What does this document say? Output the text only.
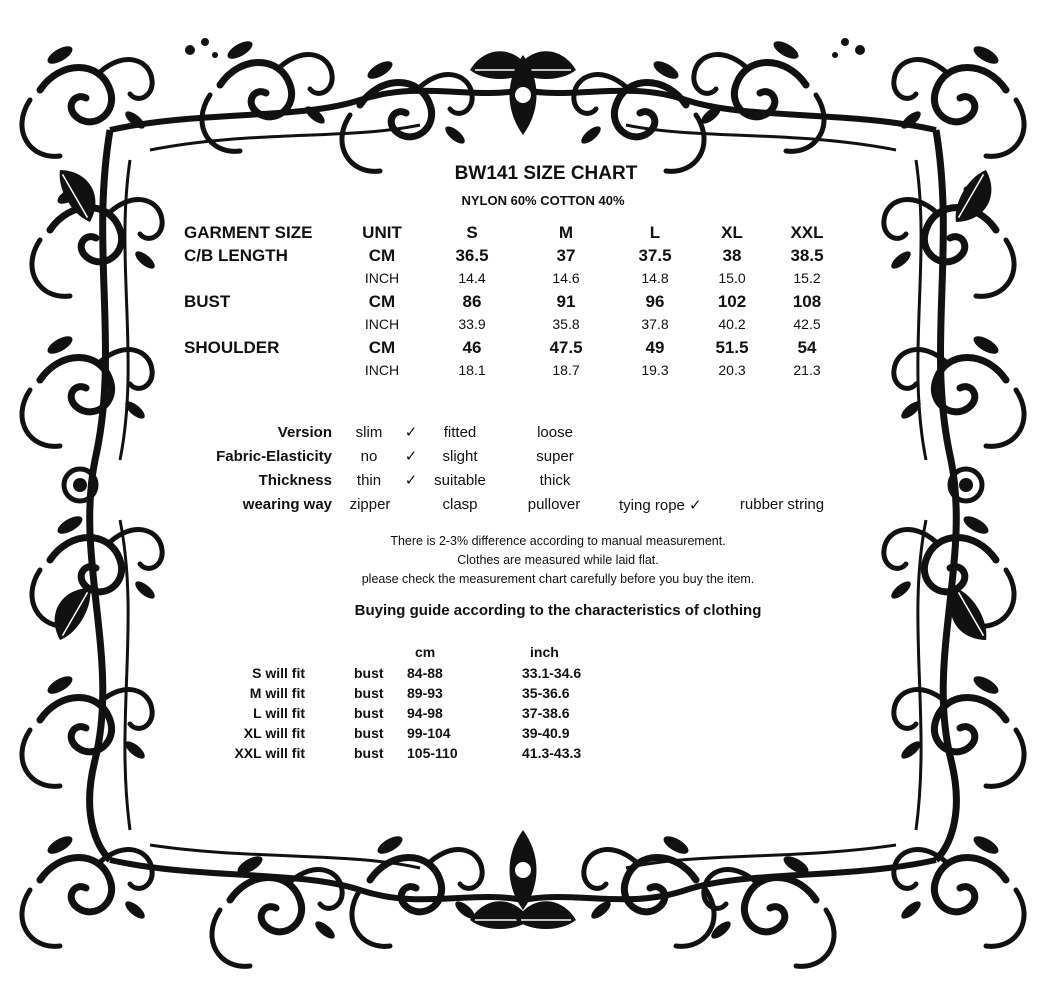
BW141 SIZE CHART
NYLON 60% COTTON 40%
GARMENT SIZE	UNIT	S	M	L	XL	XXL
C/B LENGTH	CM	36.5	37	37.5	38	38.5
INCH	14.4	14.6	14.8	15.0	15.2
BUST	CM	86	91	96	102	108
INCH	33.9	35.8	37.8	40.2	42.5
SHOULDER	CM	46	47.5	49	51.5	54
INCH	18.1	18.7	19.3	20.3	21.3
Version slim ✓ fitted	loose
Fabric-Elasticity no ✓ slight	super
Thickness thin ✓ suitable	thick
wearing way zipper	clasp	pullover	tying rope ✓	rubber string
There is 2-3% difference according to manual measurement.
Clothes are measured while laid flat.
please check the measurement chart carefully before you buy the item.
Buying guide according to the characteristics of clothing
cm	inch
S will fit	bust 84-88	33.1-34.6
M will fit	bust 89-93	35-36.6
L will fit	bust 94-98	37-38.6
XL will fit	bust 99-104	39-40.9
XXL will fit	bust 105-110	41.3-43.3
